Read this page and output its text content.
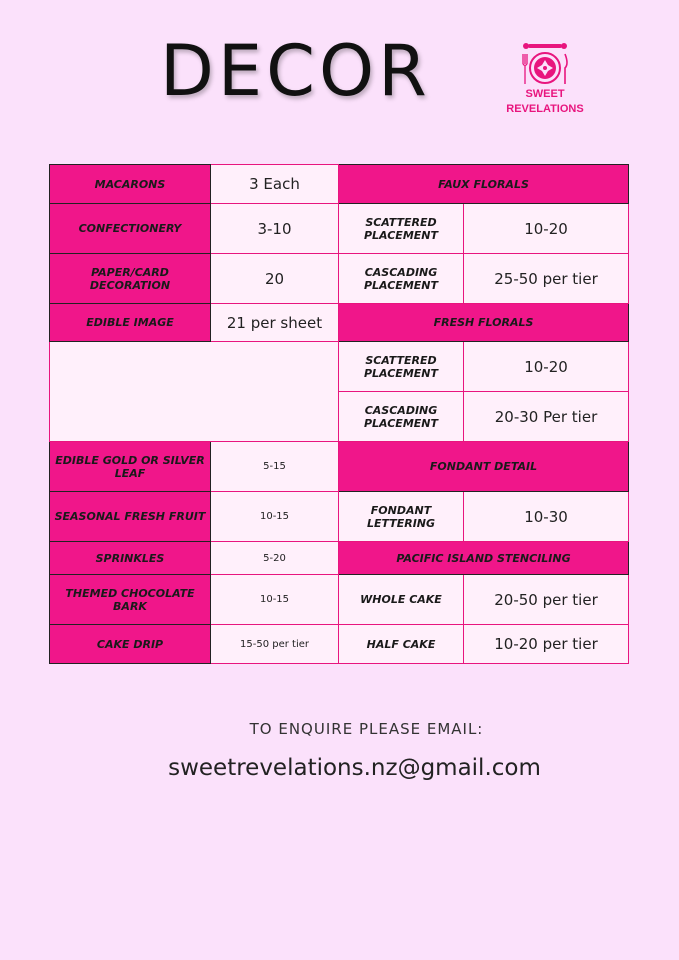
DECOR	SWEET
REVELATIONS
MACARONS	3 Each	FAUX FLORALS	
CONFECTIONERY	3-10	SCATTERED PLACEMENT	10-20
PAPER/CARD DECORATION	20	CASCADING PLACEMENT	25-50 per tier
EDIBLE IMAGE	21 per sheet	FRESH FLORALS	
		SCATTERED PLACEMENT	10-20
		CASCADING PLACEMENT	20-30 Per tier
EDIBLE GOLD OR SILVER LEAF	5-15	FONDANT DETAIL	
SEASONAL FRESH FRUIT	10-15	FONDANT LETTERING	10-30
SPRINKLES	5-20	PACIFIC ISLAND STENCILING	
THEMED CHOCOLATE BARK	10-15	WHOLE CAKE	20-50 per tier
CAKE DRIP	15-50 per tier	HALF CAKE	10-20 per tier
TO ENQUIRE PLEASE EMAIL:
sweetrevelations.nz@gmail.com
